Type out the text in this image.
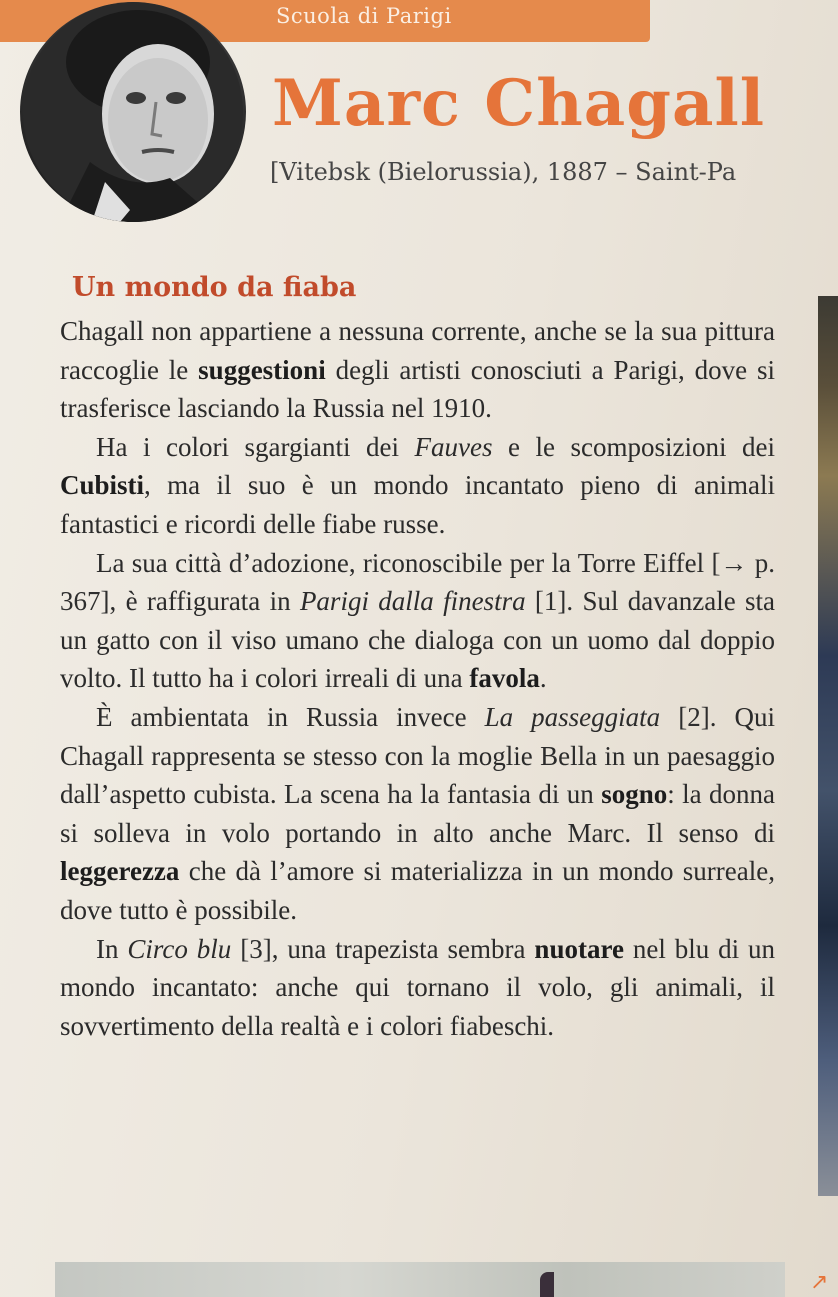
Scuola di Parigi
Marc Chagall
[Vitebsk (Bielorussia), 1887 – Saint-Pa
Un mondo da fiaba

Chagall non appartiene a nessuna corrente, anche se la sua pittura raccoglie le suggestioni degli artisti conosciuti a Parigi, dove si trasferisce lasciando la Russia nel 1910.

Ha i colori sgargianti dei Fauves e le scomposizioni dei Cubisti, ma il suo è un mondo incantato pieno di animali fantastici e ricordi delle fiabe russe.

La sua città d’adozione, riconoscibile per la Torre Eiffel [→ p. 367], è raffigurata in Parigi dalla finestra [1]. Sul davanzale sta un gatto con il viso umano che dialoga con un uomo dal doppio volto. Il tutto ha i colori irreali di una favola.

È ambientata in Russia invece La passeggiata [2]. Qui Chagall rappresenta se stesso con la moglie Bella in un paesaggio dall’aspetto cubista. La scena ha la fantasia di un sogno: la donna si solleva in volo portando in alto anche Marc. Il senso di leggerezza che dà l’amore si materializza in un mondo surreale, dove tutto è possibile.

In Circo blu [3], una trapezista sembra nuotare nel blu di un mondo incantato: anche qui tornano il volo, gli animali, il sovvertimento della realtà e i colori fiabeschi.

↗
